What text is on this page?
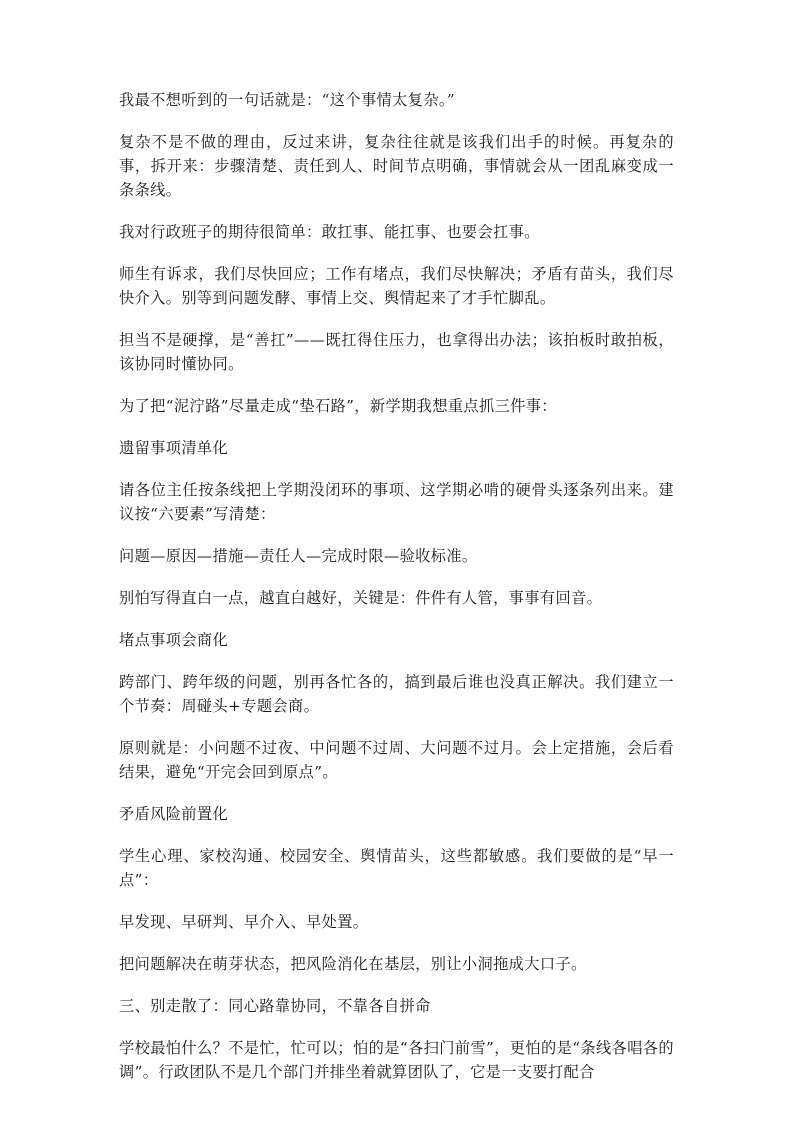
我最不想听到的一句话就是：“这个事情太复杂。”

复杂不是不做的理由，反过来讲，复杂往往就是该我们出手的时候。再复杂的事，拆开来：步骤清楚、责任到人、时间节点明确，事情就会从一团乱麻变成一条条线。

我对行政班子的期待很简单：敢扛事、能扛事、也要会扛事。

师生有诉求，我们尽快回应；工作有堵点，我们尽快解决；矛盾有苗头，我们尽快介入。别等到问题发酵、事情上交、舆情起来了才手忙脚乱。

担当不是硬撑，是“善扛”——既扛得住压力，也拿得出办法；该拍板时敢拍板，该协同时懂协同。

为了把“泥泞路”尽量走成“垫石路”，新学期我想重点抓三件事：

遗留事项清单化

请各位主任按条线把上学期没闭环的事项、这学期必啃的硬骨头逐条列出来。建议按“六要素”写清楚：

问题—原因—措施—责任人—完成时限—验收标准。

别怕写得直白一点，越直白越好，关键是：件件有人管，事事有回音。

堵点事项会商化

跨部门、跨年级的问题，别再各忙各的，搞到最后谁也没真正解决。我们建立一个节奏：周碰头+专题会商。

原则就是：小问题不过夜、中问题不过周、大问题不过月。会上定措施，会后看结果，避免“开完会回到原点”。

矛盾风险前置化

学生心理、家校沟通、校园安全、舆情苗头，这些都敏感。我们要做的是“早一点”：

早发现、早研判、早介入、早处置。

把问题解决在萌芽状态，把风险消化在基层，别让小洞拖成大口子。

三、别走散了：同心路靠协同，不靠各自拼命

学校最怕什么？不是忙，忙可以；怕的是“各扫门前雪”，更怕的是“条线各唱各的调”。行政团队不是几个部门并排坐着就算团队了，它是一支要打配合
